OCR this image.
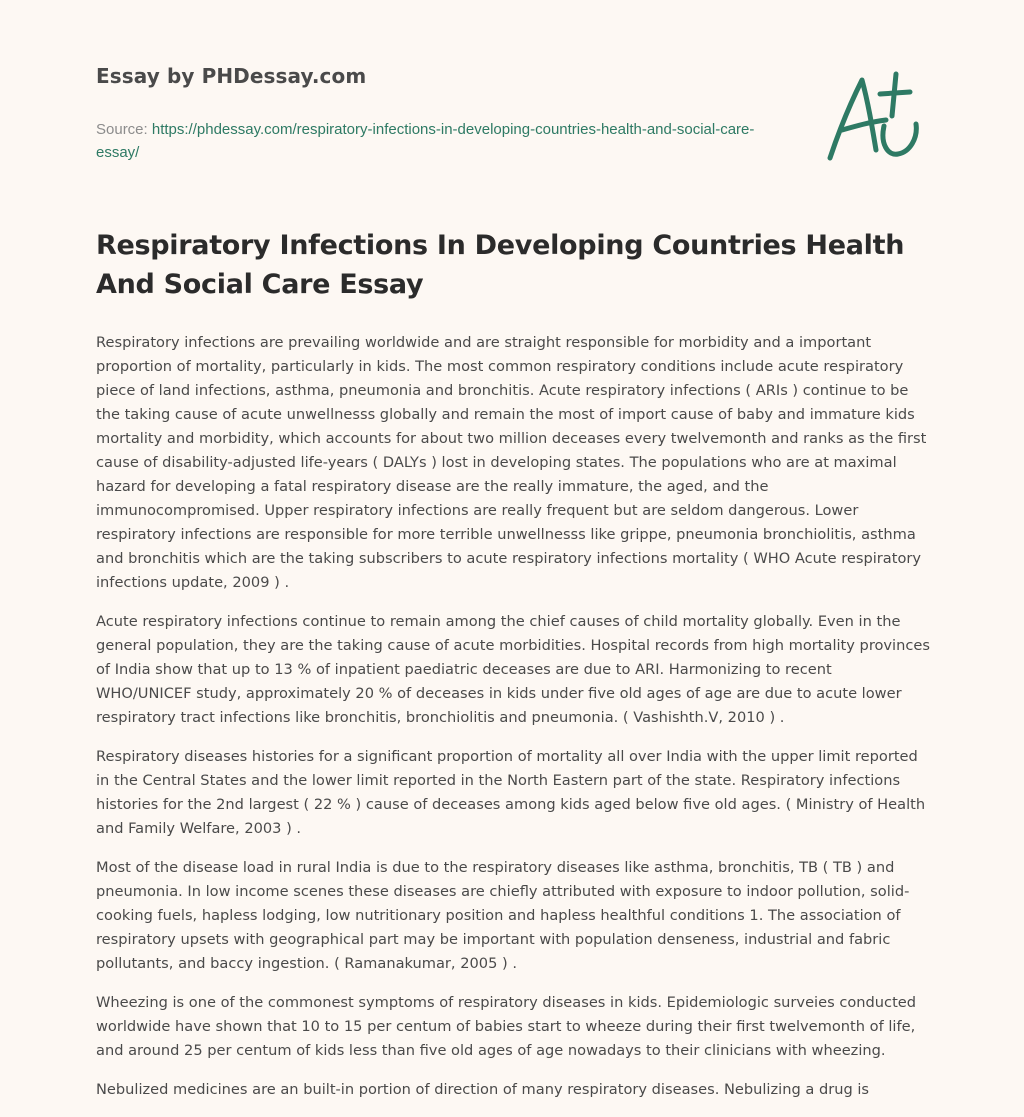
Essay by PHDessay.com
Source: https://phdessay.com/respiratory-infections-in-developing-countries-health-and-social-care-essay/
Respiratory Infections In Developing Countries Health And Social Care Essay

Respiratory infections are prevailing worldwide and are straight responsible for morbidity and a important proportion of mortality, particularly in kids. The most common respiratory conditions include acute respiratory piece of land infections, asthma, pneumonia and bronchitis. Acute respiratory infections ( ARIs ) continue to be the taking cause of acute unwellnesss globally and remain the most of import cause of baby and immature kids mortality and morbidity, which accounts for about two million deceases every twelvemonth and ranks as the first cause of disability-adjusted life-years ( DALYs ) lost in developing states. The populations who are at maximal hazard for developing a fatal respiratory disease are the really immature, the aged, and the immunocompromised. Upper respiratory infections are really frequent but are seldom dangerous. Lower respiratory infections are responsible for more terrible unwellnesss like grippe, pneumonia bronchiolitis, asthma and bronchitis which are the taking subscribers to acute respiratory infections mortality ( WHO Acute respiratory infections update, 2009 ) .

Acute respiratory infections continue to remain among the chief causes of child mortality globally. Even in the general population, they are the taking cause of acute morbidities. Hospital records from high mortality provinces of India show that up to 13 % of inpatient paediatric deceases are due to ARI. Harmonizing to recent WHO/UNICEF study, approximately 20 % of deceases in kids under five old ages of age are due to acute lower respiratory tract infections like bronchitis, bronchiolitis and pneumonia. ( Vashishth.V, 2010 ) .

Respiratory diseases histories for a significant proportion of mortality all over India with the upper limit reported in the Central States and the lower limit reported in the North Eastern part of the state. Respiratory infections histories for the 2nd largest ( 22 % ) cause of deceases among kids aged below five old ages. ( Ministry of Health and Family Welfare, 2003 ) .

Most of the disease load in rural India is due to the respiratory diseases like asthma, bronchitis, TB ( TB ) and pneumonia. In low income scenes these diseases are chiefly attributed with exposure to indoor pollution, solid-cooking fuels, hapless lodging, low nutritionary position and hapless healthful conditions 1. The association of respiratory upsets with geographical part may be important with population denseness, industrial and fabric pollutants, and baccy ingestion. ( Ramanakumar, 2005 ) .

Wheezing is one of the commonest symptoms of respiratory diseases in kids. Epidemiologic surveies conducted worldwide have shown that 10 to 15 per centum of babies start to wheeze during their first twelvemonth of life, and around 25 per centum of kids less than five old ages of age nowadays to their clinicians with wheezing.

Nebulized medicines are an built-in portion of direction of many respiratory diseases. Nebulizing a drug is
